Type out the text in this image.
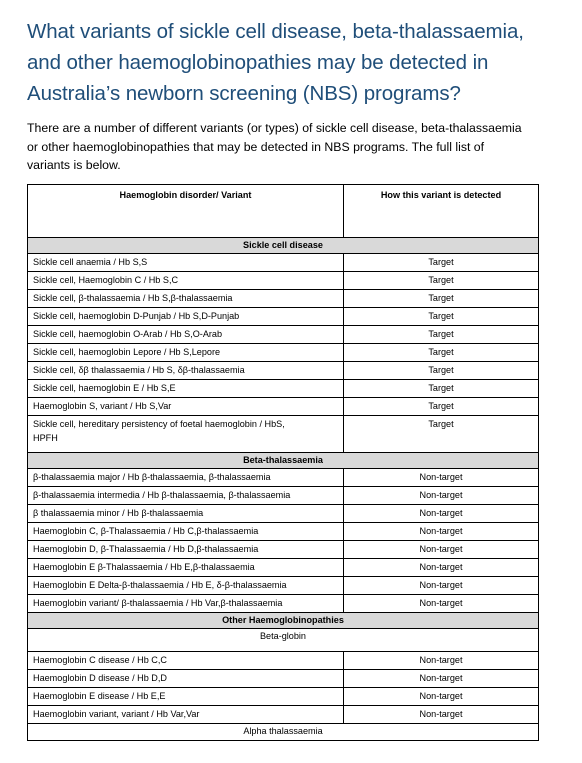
What variants of sickle cell disease, beta-thalassaemia,
and other haemoglobinopathies may be detected in
Australia’s newborn screening (NBS) programs?
There are a number of different variants (or types) of sickle cell disease, beta-thalassaemia
or other haemoglobinopathies that may be detected in NBS programs. The full list of
variants is below.
Haemoglobin disorder/ Variant	How this variant is detected
Sickle cell disease	
Sickle cell anaemia / Hb S,S	Target
Sickle cell, Haemoglobin C / Hb S,C	Target
Sickle cell, β-thalassaemia / Hb S,β-thalassaemia	Target
Sickle cell, haemoglobin D-Punjab / Hb S,D-Punjab	Target
Sickle cell, haemoglobin O-Arab / Hb S,O-Arab	Target
Sickle cell, haemoglobin Lepore / Hb S,Lepore	Target
Sickle cell, δβ thalassaemia / Hb S, δβ-thalassaemia	Target
Sickle cell, haemoglobin E / Hb S,E	Target
Haemoglobin S, variant / Hb S,Var	Target

Sickle cell, hereditary persistency of foetal haemoglobin / HbS,
HPFH	Target
Beta-thalassaemia	
β-thalassaemia major / Hb β-thalassaemia, β-thalassaemia	Non-target
β-thalassaemia intermedia / Hb β-thalassaemia, β-thalassaemia	Non-target
β thalassaemia minor / Hb β-thalassaemia	Non-target
Haemoglobin C, β-Thalassaemia / Hb C,β-thalassaemia	Non-target
Haemoglobin D, β-Thalassaemia / Hb D,β-thalassaemia	Non-target
Haemoglobin E β-Thalassaemia / Hb E,β-thalassaemia	Non-target
Haemoglobin E Delta-β-thalassaemia / Hb E, δ-β-thalassaemia	Non-target
Haemoglobin variant/ β-thalassaemia / Hb Var,β-thalassaemia	Non-target
Other Haemoglobinopathies	
Beta-globin	
Haemoglobin C disease / Hb C,C	Non-target
Haemoglobin D disease / Hb D,D	Non-target
Haemoglobin E disease / Hb E,E	Non-target
Haemoglobin variant, variant / Hb Var,Var	Non-target
Alpha thalassaemia	
